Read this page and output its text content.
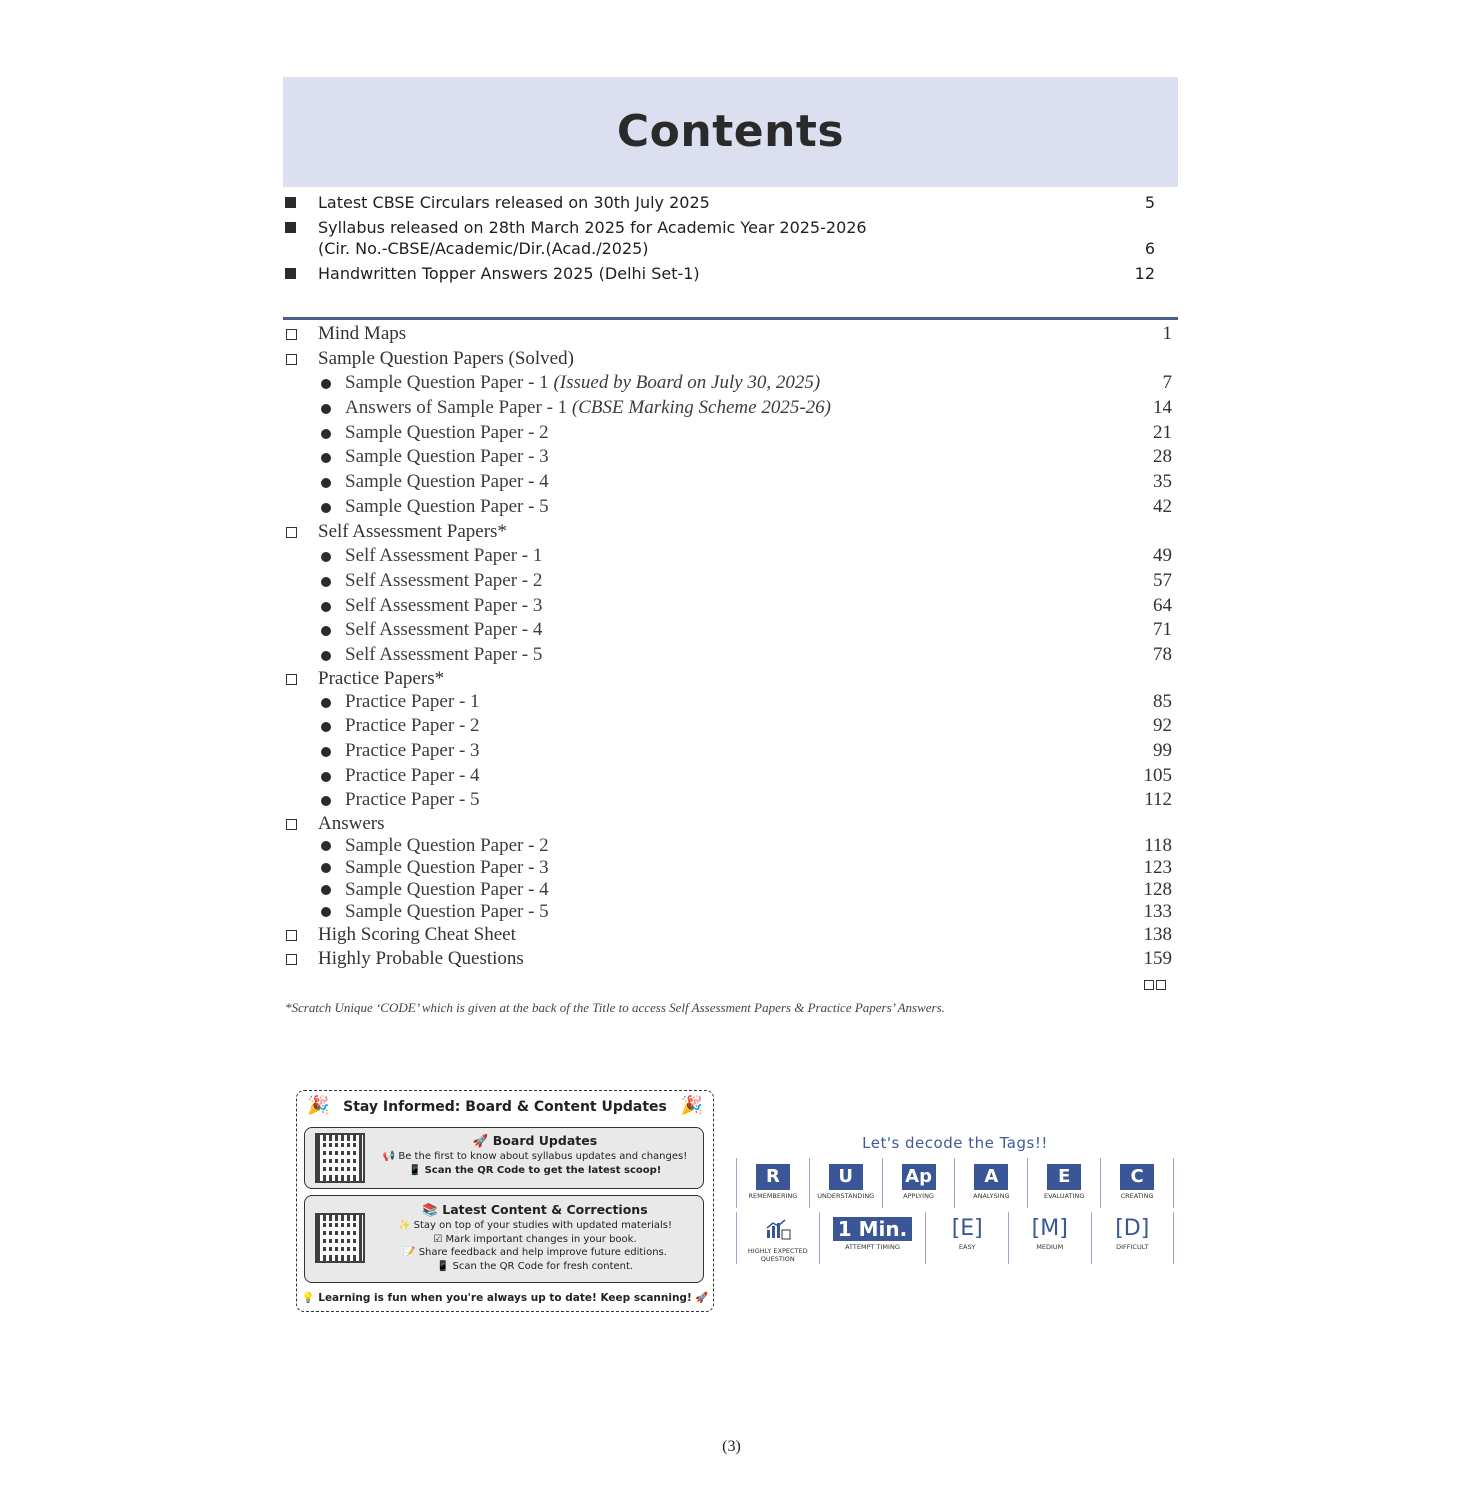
Contents
Latest CBSE Circulars released on 30th July 2025	5
Syllabus released on 28th March 2025 for Academic Year 2025-2026
(Cir. No.-CBSE/Academic/Dir.(Acad./2025)	6
Handwritten Topper Answers 2025 (Delhi Set-1)	12
Mind Maps	1
Sample Question Papers (Solved)
Sample Question Paper - 1 (Issued by Board on July 30, 2025)	7
Answers of Sample Paper - 1 (CBSE Marking Scheme 2025-26)	14
Sample Question Paper - 2	21
Sample Question Paper - 3	28
Sample Question Paper - 4	35
Sample Question Paper - 5	42
Self Assessment Papers*
Self Assessment Paper - 1	49
Self Assessment Paper - 2	57
Self Assessment Paper - 3	64
Self Assessment Paper - 4	71
Self Assessment Paper - 5	78
Practice Papers*
Practice Paper - 1	85
Practice Paper - 2	92
Practice Paper - 3	99
Practice Paper - 4	105
Practice Paper - 5	112
Answers
Sample Question Paper - 2	118
Sample Question Paper - 3	123
Sample Question Paper - 4	128
Sample Question Paper - 5	133
High Scoring Cheat Sheet	138
Highly Probable Questions	159
*Scratch Unique ‘CODE’ which is given at the back of the Title to access Self Assessment Papers & Practice Papers’ Answers.
🎉 Stay Informed: Board & Content Updates 🎉
🚀 Board Updates
📢 Be the first to know about syllabus updates and changes!
📱 Scan the QR Code to get the latest scoop!
📚 Latest Content & Corrections
✨ Stay on top of your studies with updated materials!
☑ Mark important changes in your book.
📝 Share feedback and help improve future editions.
📱 Scan the QR Code for fresh content.
💡 Learning is fun when you're always up to date! Keep scanning! 🚀
Let's decode the Tags!!
R
REMEMBERING
U
UNDERSTANDING
Ap
APPLYING
A
ANALYSING
E
EVALUATING
C
CREATING
HIGHLY EXPECTED QUESTION
1 Min.
ATTEMPT TIMING
[E]
EASY
[M]
MEDIUM
[D]
DIFFICULT
(3)
